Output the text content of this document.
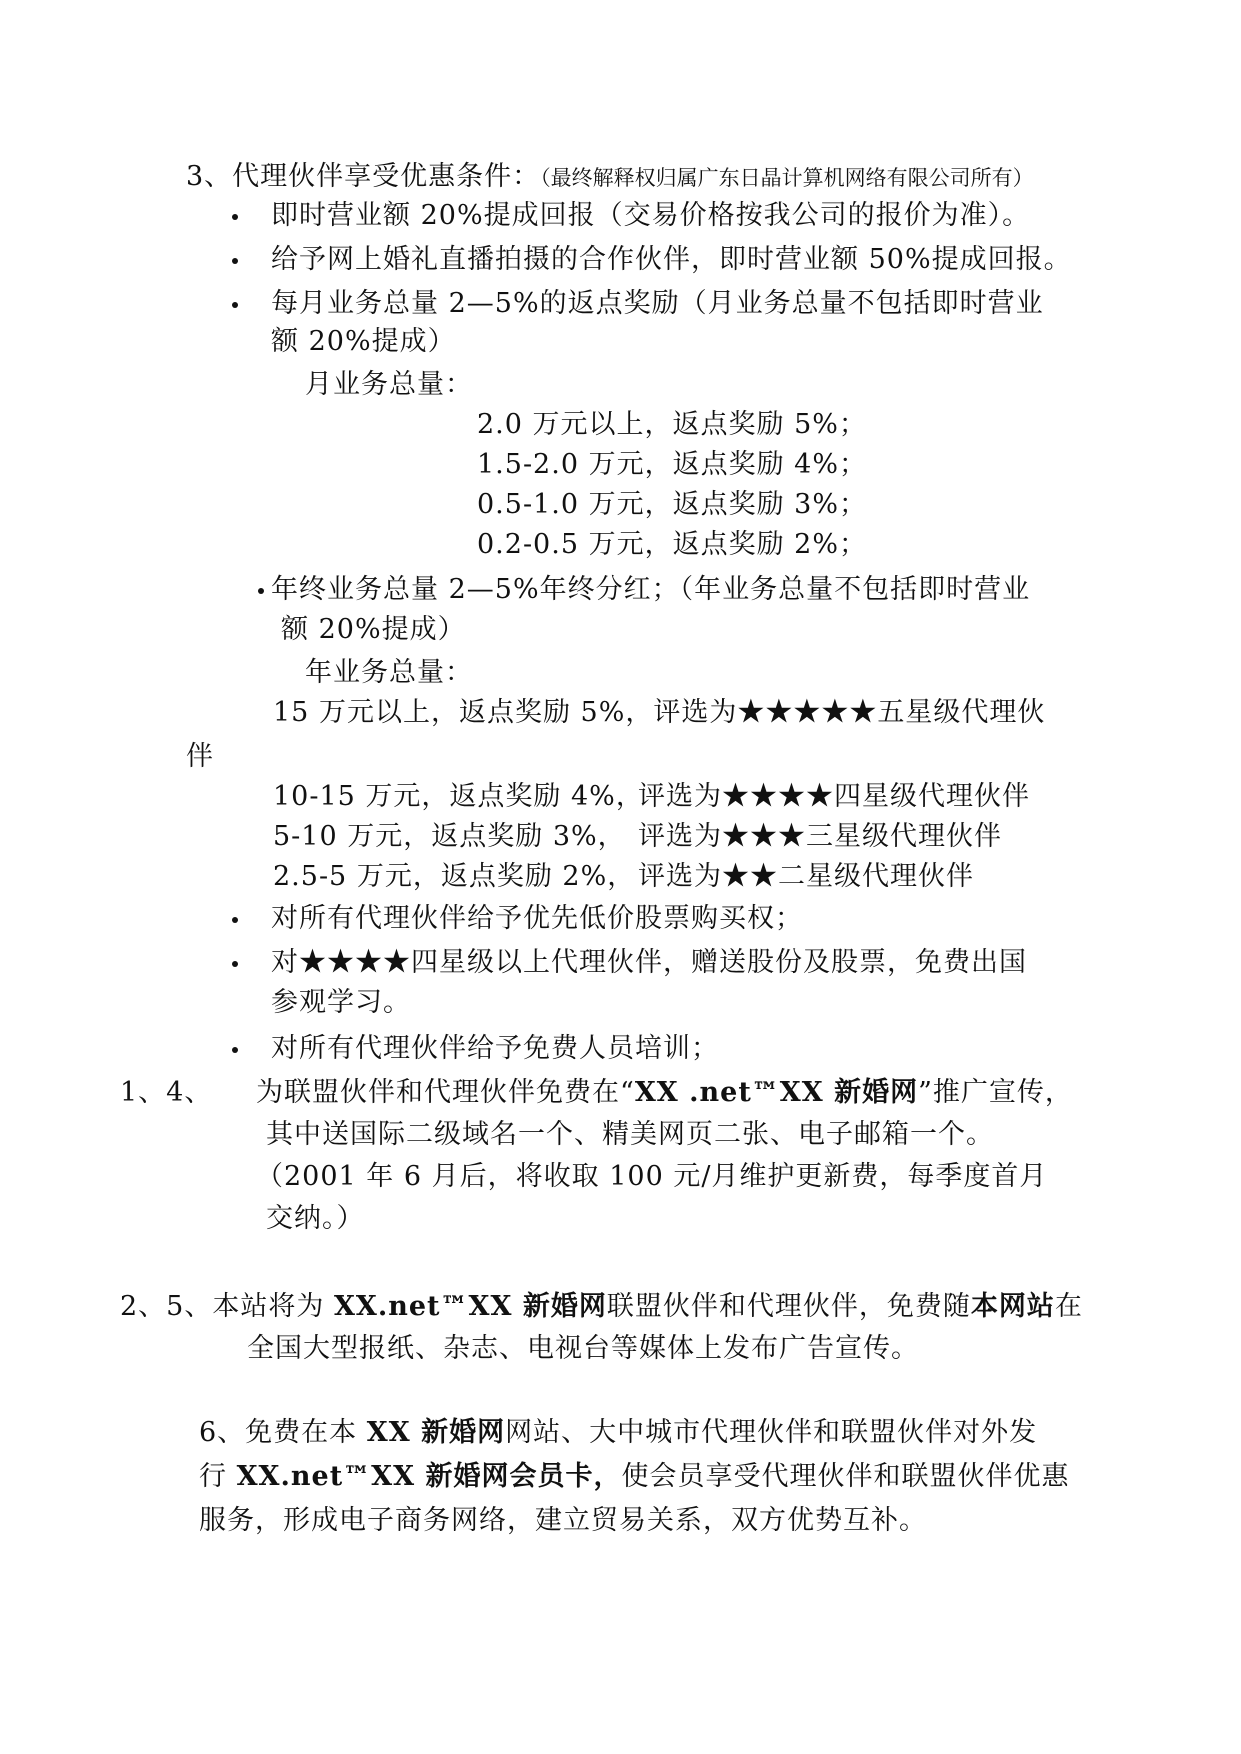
3、代理伙伴享受优惠条件：（最终解释权归属广东日晶计算机网络有限公司所有）
即时营业额 20%提成回报（交易价格按我公司的报价为准）。
给予网上婚礼直播拍摄的合作伙伴，即时营业额 50%提成回报。
每月业务总量 2—5%的返点奖励（月业务总量不包括即时营业
额 20%提成）
月业务总量：
2.0 万元以上，返点奖励 5%；
1.5-2.0 万元，返点奖励 4%；
0.5-1.0 万元，返点奖励 3%；
0.2-0.5 万元，返点奖励 2%；
年终业务总量 2—5%年终分红；（年业务总量不包括即时营业
额 20%提成）
年业务总量：
15 万元以上，返点奖励 5%，评选为★★★★★五星级代理伙
伴
10-15 万元，返点奖励 4%，
评选为★★★★四星级代理伙伴
5-10 万元，返点奖励 3%， 评选为★★★三星级代理伙伴
2.5-5 万元，返点奖励 2%， 评选为★★二星级代理伙伴
对所有代理伙伴给予优先低价股票购买权；
对★★★★四星级以上代理伙伴，赠送股份及股票，免费出国
参观学习。
对所有代理伙伴给予免费人员培训；
1、4、 为联盟伙伴和代理伙伴免费在“XX .net™XX 新婚网”推广宣传，
其中送国际二级域名一个、精美网页二张、电子邮箱一个。
（2001 年 6 月后，将收取 100 元/月维护更新费，每季度首月
交纳。）
2、5、本站将为 XX.net™XX 新婚网联盟伙伴和代理伙伴，免费随本网站在
全国大型报纸、杂志、电视台等媒体上发布广告宣传。
6、免费在本 XX 新婚网网站、大中城市代理伙伴和联盟伙伴对外发
行 XX.net™XX 新婚网会员卡，使会员享受代理伙伴和联盟伙伴优惠
服务，形成电子商务网络，建立贸易关系，双方优势互补。
